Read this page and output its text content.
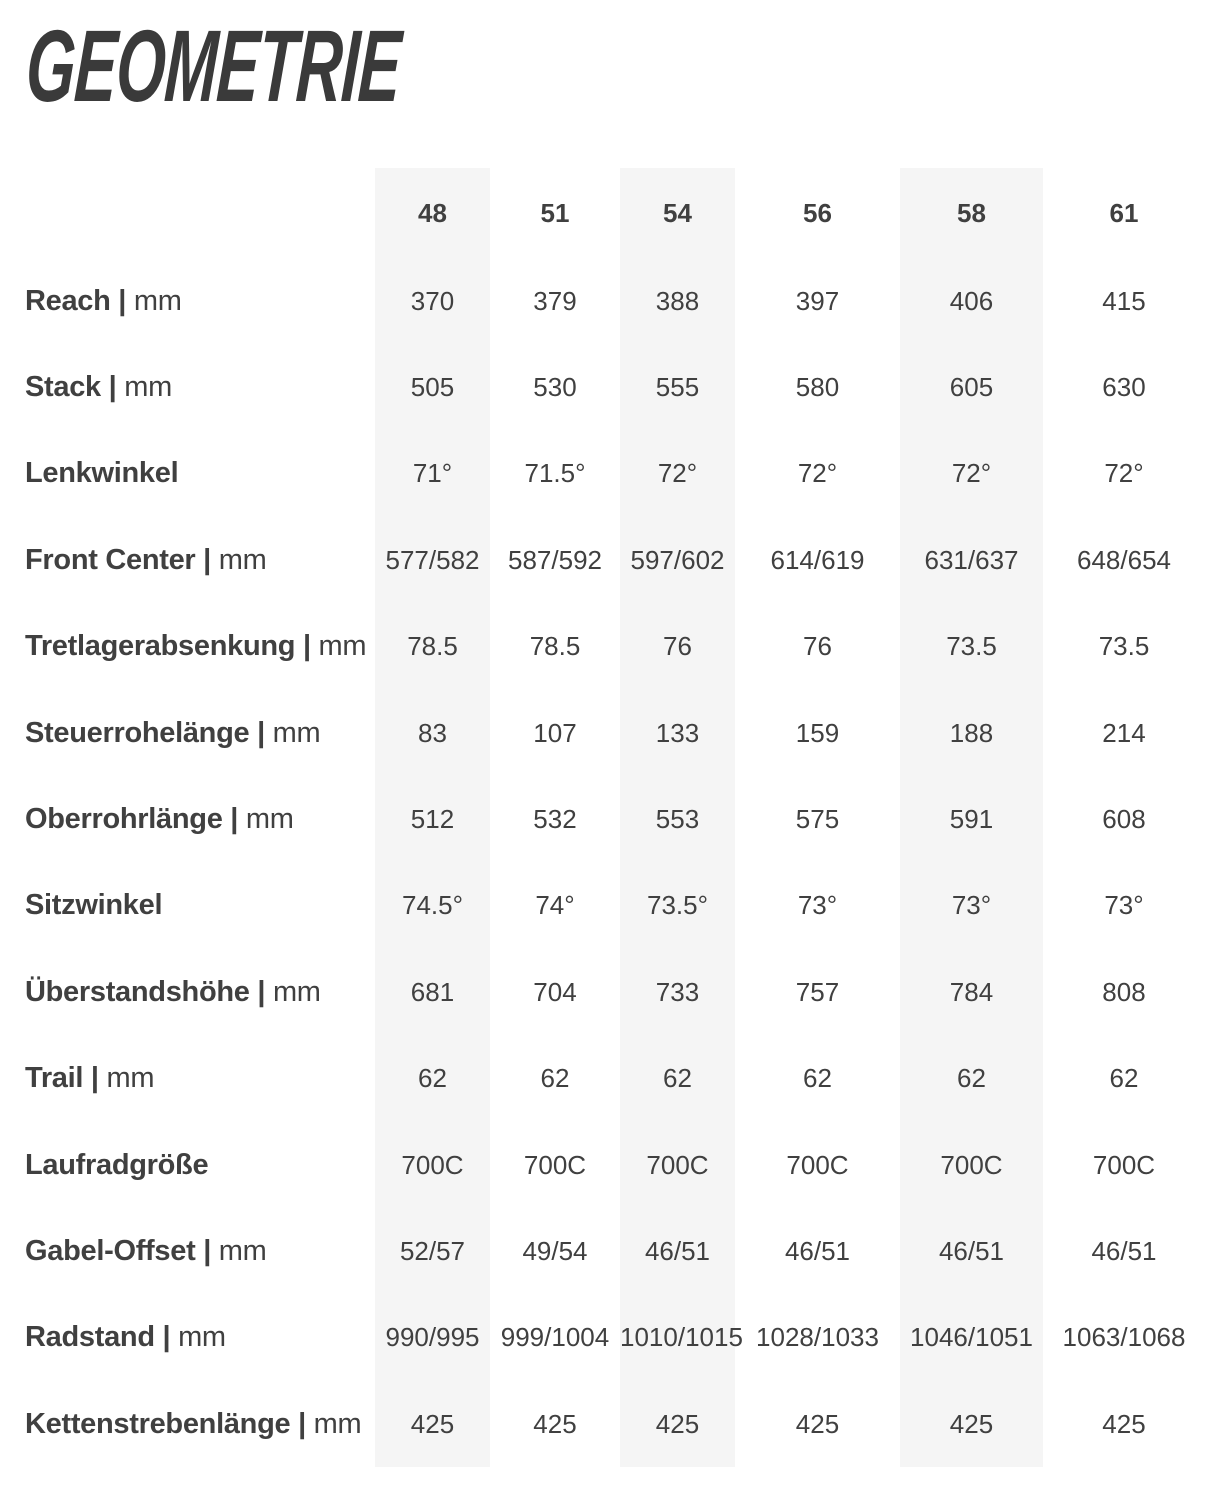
GEOMETRIE
	48	51	54	56	58	61
Reach | mm	370	379	388	397	406	415
Stack | mm	505	530	555	580	605	630
Lenkwinkel	71°	71.5°	72°	72°	72°	72°
Front Center | mm	577/582	587/592	597/602	614/619	631/637	648/654
Tretlagerabsenkung | mm	78.5	78.5	76	76	73.5	73.5
Steuerrohelänge | mm	83	107	133	159	188	214
Oberrohrlänge | mm	512	532	553	575	591	608
Sitzwinkel	74.5°	74°	73.5°	73°	73°	73°
Überstandshöhe | mm	681	704	733	757	784	808
Trail | mm	62	62	62	62	62	62
Laufradgröße	700C	700C	700C	700C	700C	700C
Gabel-Offset | mm	52/57	49/54	46/51	46/51	46/51	46/51
Radstand | mm	990/995	999/1004	1010/1015	1028/1033	1046/1051	1063/1068
Kettenstrebenlänge | mm	425	425	425	425	425	425
